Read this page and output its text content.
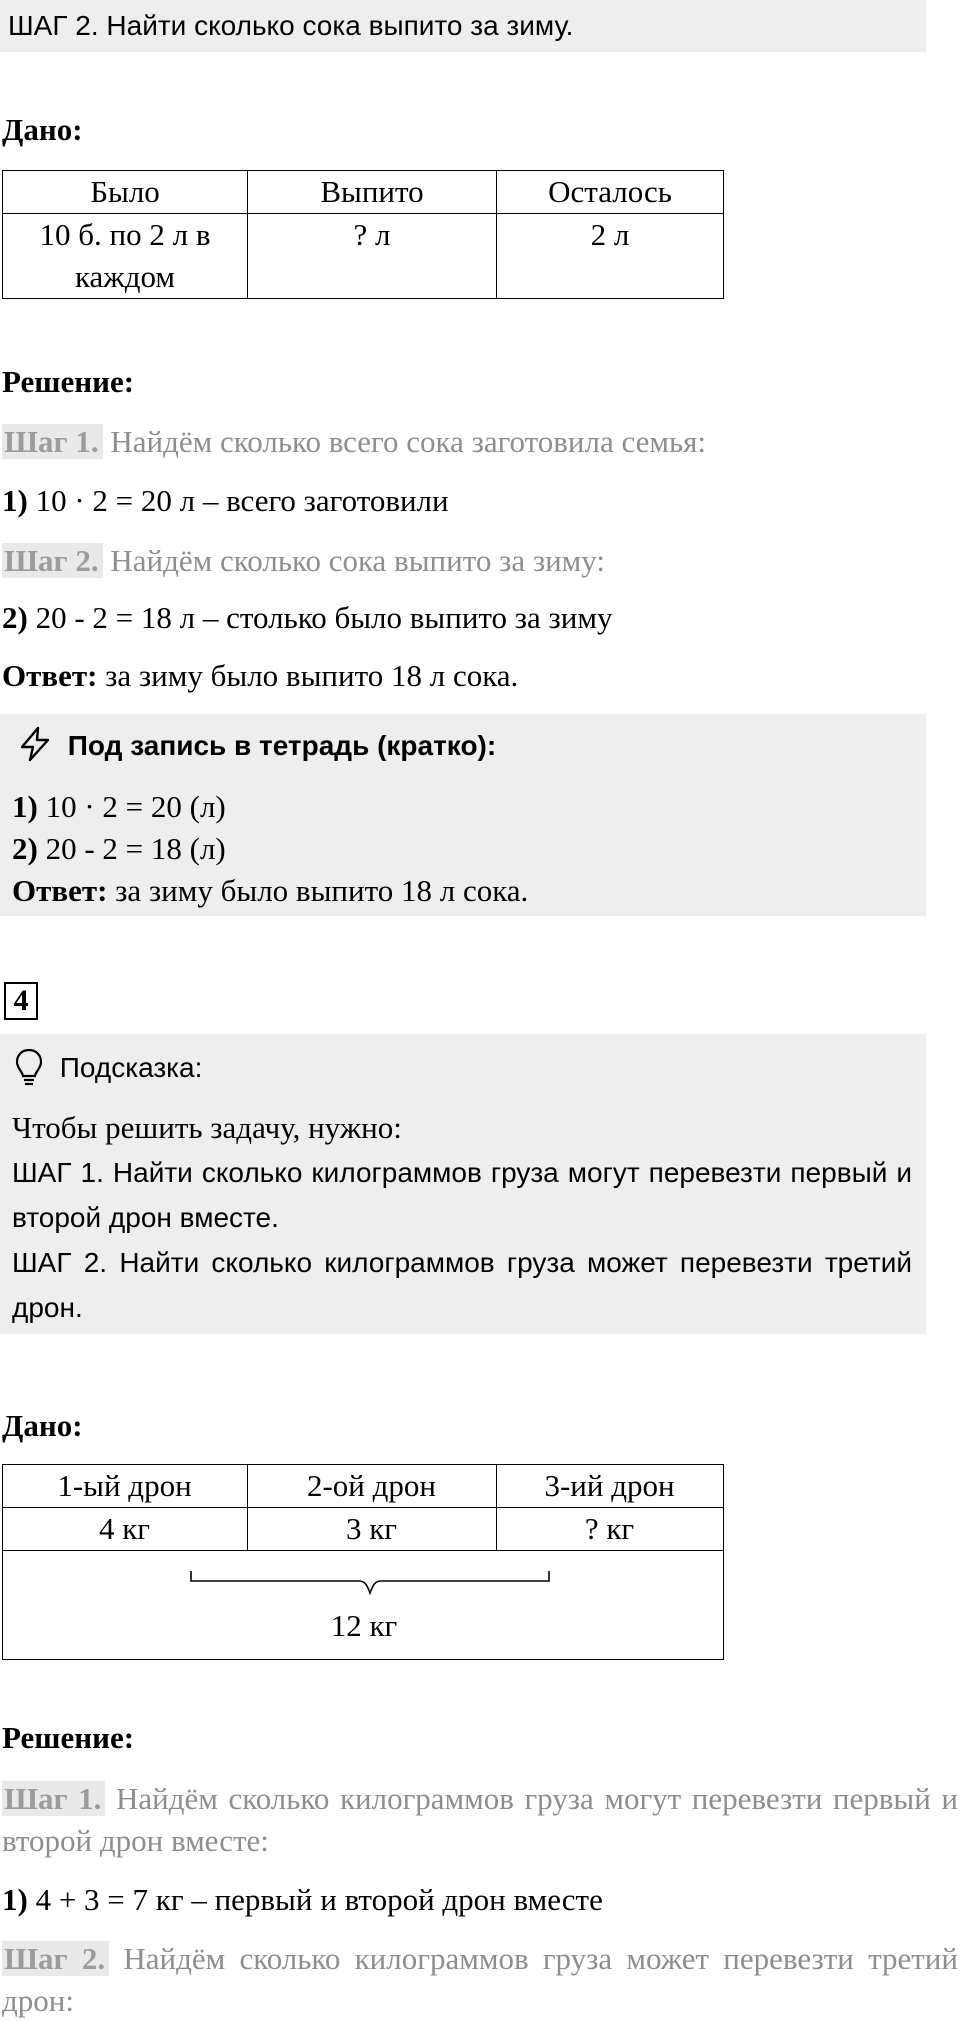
ШАГ 2. Найти сколько сока выпито за зиму.
Дано:
Было	Выпито	Осталось
10 б. по 2 л в каждом	? л	2 л
Решение:
Шаг 1. Найдём сколько всего сока заготовила семья:
1) 10 · 2 = 20 л – всего заготовили
Шаг 2. Найдём сколько сока выпито за зиму:
2) 20 - 2 = 18 л – столько было выпито за зиму
Ответ: за зиму было выпито 18 л сока.
Под запись в тетрадь (кратко):
1) 10 · 2 = 20 (л)
2) 20 - 2 = 18 (л)
Ответ: за зиму было выпито 18 л сока.
4
Подсказка:
Чтобы решить задачу, нужно:
ШАГ 1. Найти сколько килограммов груза могут перевезти первый и второй дрон вместе.
ШАГ 2. Найти сколько килограммов груза может перевезти третий дрон.
Дано:
1-ый дрон	2-ой дрон	3-ий дрон
4 кг	3 кг	? кг
12 кг
Решение:
Шаг 1. Найдём сколько килограммов груза могут перевезти первый и второй дрон вместе:
1) 4 + 3 = 7 кг – первый и второй дрон вместе
Шаг 2. Найдём сколько килограммов груза может перевезти третий дрон:
